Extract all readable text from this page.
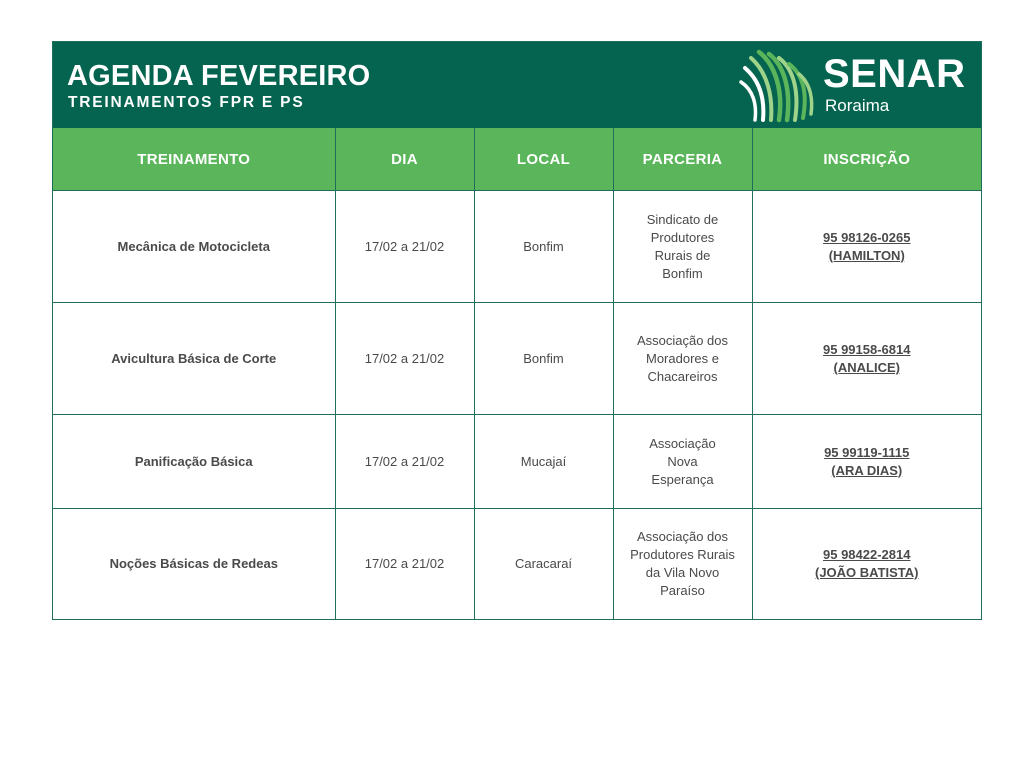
AGENDA FEVEREIRO
TREINAMENTOS FPR E PS
SENAR
Roraima
TREINAMENTO	DIA	LOCAL	PARCERIA	INSCRIÇÃO
Mecânica de Motocicleta	17/02 a 21/02	Bonfim	Sindicato de Produtores Rurais de Bonfim	95 98126-0265
(HAMILTON)

Avicultura Básica de Corte	17/02 a 21/02	Bonfim	Associação dos Moradores e Chacareiros	95 99158-6814
(ANALICE)

Panificação Básica	17/02 a 21/02	Mucajaí	Associação Nova Esperança	95 99119-1115
(ARA DIAS)

Noções Básicas de Redeas	17/02 a 21/02	Caracaraí	Associação dos Produtores Rurais da Vila Novo Paraíso	95 98422-2814
(JOÃO BATISTA)
